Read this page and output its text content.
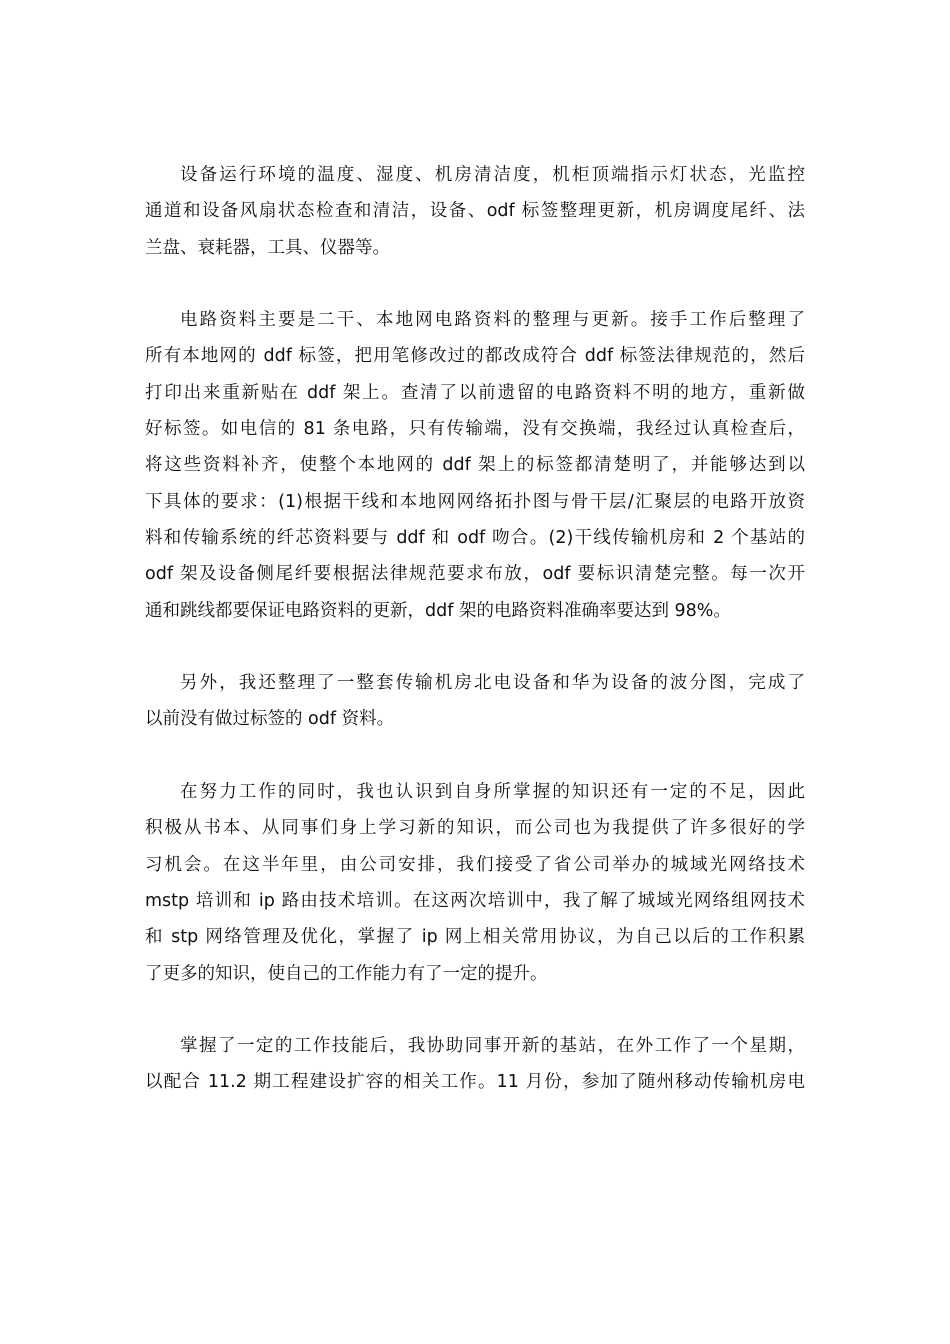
设备运行环境的温度、湿度、机房清洁度，机柜顶端指示灯状态，光监控
通道和设备风扇状态检查和清洁，设备、odf 标签整理更新，机房调度尾纤、法
兰盘、衰耗器，工具、仪器等。

电路资料主要是二干、本地网电路资料的整理与更新。接手工作后整理了
所有本地网的 ddf 标签，把用笔修改过的都改成符合 ddf 标签法律规范的，然后
打印出来重新贴在 ddf 架上。查清了以前遗留的电路资料不明的地方，重新做
好标签。如电信的 81 条电路，只有传输端，没有交换端，我经过认真检查后，
将这些资料补齐，使整个本地网的 ddf 架上的标签都清楚明了，并能够达到以
下具体的要求：(1)根据干线和本地网网络拓扑图与骨干层/汇聚层的电路开放资
料和传输系统的纤芯资料要与 ddf 和 odf 吻合。(2)干线传输机房和 2 个基站的
odf 架及设备侧尾纤要根据法律规范要求布放，odf 要标识清楚完整。每一次开
通和跳线都要保证电路资料的更新，ddf 架的电路资料准确率要达到 98%。

另外，我还整理了一整套传输机房北电设备和华为设备的波分图，完成了
以前没有做过标签的 odf 资料。

在努力工作的同时，我也认识到自身所掌握的知识还有一定的不足，因此
积极从书本、从同事们身上学习新的知识，而公司也为我提供了许多很好的学
习机会。在这半年里，由公司安排，我们接受了省公司举办的城域光网络技术
mstp 培训和 ip 路由技术培训。在这两次培训中，我了解了城域光网络组网技术
和 stp 网络管理及优化，掌握了 ip 网上相关常用协议，为自己以后的工作积累
了更多的知识，使自己的工作能力有了一定的提升。

掌握了一定的工作技能后，我协助同事开新的基站，在外工作了一个星期，
以配合 11.2 期工程建设扩容的相关工作。11 月份，参加了随州移动传输机房电
